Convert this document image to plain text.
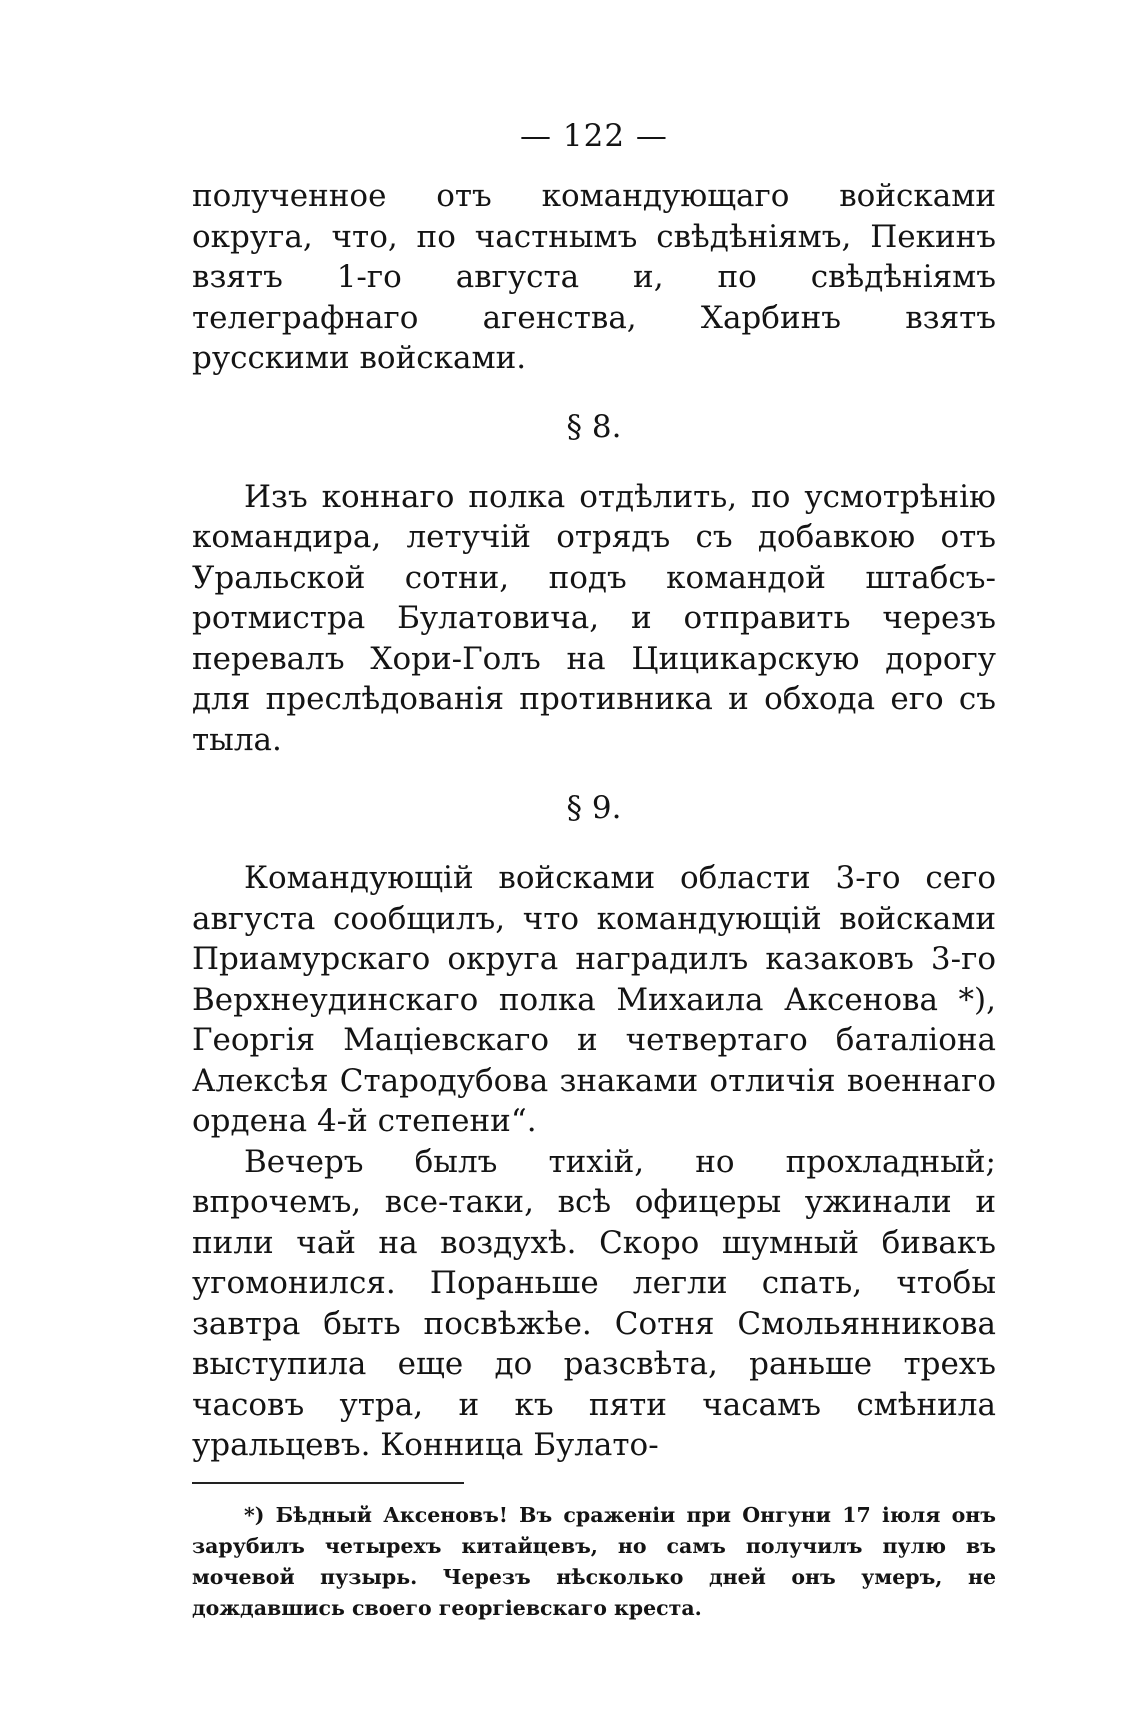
— 122 —

полученное отъ командующаго войсками округа, что, по частнымъ свѣдѣніямъ, Пекинъ взятъ 1-го августа и, по свѣдѣніямъ телеграфнаго агенства, Харбинъ взятъ русскими войсками.

§ 8.

Изъ коннаго полка отдѣлить, по усмотрѣнію командира, летучій отрядъ съ добавкою отъ Уральской сотни, подъ командой штабсъ-ротмистра Булатовича, и отправить черезъ перевалъ Хори-Голъ на Цицикарскую дорогу для преслѣдованія противника и обхода его съ тыла.

§ 9.

Командующій войсками области 3-го сего августа сообщилъ, что командующій войсками Приамурскаго округа наградилъ казаковъ 3-го Верхнеудинскаго полка Михаила Аксенова *), Георгія Маціевскаго и четвертаго баталіона Алексѣя Стародубова знаками отличія военнаго ордена 4-й степени“.

Вечеръ былъ тихій, но прохладный; впрочемъ, все-таки, всѣ офицеры ужинали и пили чай на воздухѣ. Скоро шумный бивакъ угомонился. Пораньше легли спать, чтобы завтра быть посвѣжѣе. Сотня Смольянникова выступила еще до разсвѣта, раньше трехъ часовъ утра, и къ пяти часамъ смѣнила уральцевъ. Конница Булато-

*) Бѣдный Аксеновъ! Въ сраженіи при Онгуни 17 іюля онъ зарубилъ четырехъ китайцевъ, но самъ получилъ пулю въ мочевой пузырь. Черезъ нѣсколько дней онъ умеръ, не дождавшись своего георгіевскаго креста.
